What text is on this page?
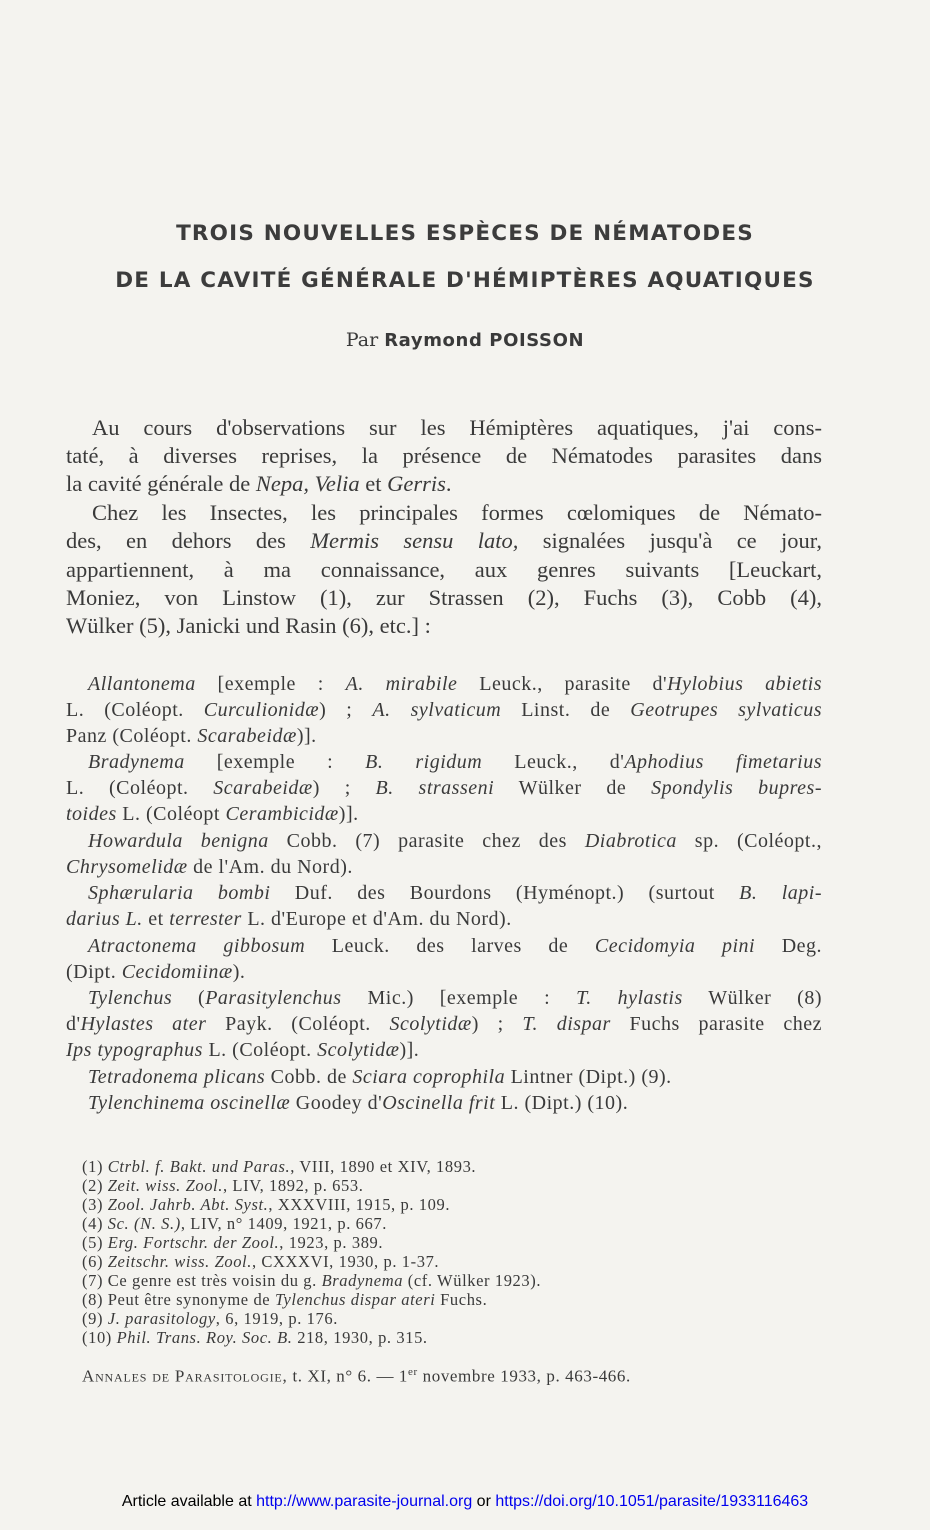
TROIS NOUVELLES ESPÈCES DE NÉMATODES
DE LA CAVITÉ GÉNÉRALE D'HÉMIPTÈRES AQUATIQUES
Par Raymond POISSON
Au cours d'observations sur les Hémiptères aquatiques, j'ai cons-
taté, à diverses reprises, la présence de Nématodes parasites dans
la cavité générale de Nepa, Velia et Gerris.
Chez les Insectes, les principales formes cœlomiques de Némato-
des, en dehors des Mermis sensu lato, signalées jusqu'à ce jour,
appartiennent, à ma connaissance, aux genres suivants [Leuckart,
Moniez, von Linstow (1), zur Strassen (2), Fuchs (3), Cobb (4),
Wülker (5), Janicki und Rasin (6), etc.] :
Allantonema [exemple : A. mirabile Leuck., parasite d'Hylobius abietis
L. (Coléopt. Curculionidæ) ; A. sylvaticum Linst. de Geotrupes sylvaticus
Panz (Coléopt. Scarabeidæ)].
Bradynema [exemple : B. rigidum Leuck., d'Aphodius fimetarius
L. (Coléopt. Scarabeidæ) ; B. strasseni Wülker de Spondylis bupres-
toides L. (Coléopt Cerambicidæ)].
Howardula benigna Cobb. (7) parasite chez des Diabrotica sp. (Coléopt.,
Chrysomelidæ de l'Am. du Nord).
Sphærularia bombi Duf. des Bourdons (Hyménopt.) (surtout B. lapi-
darius L. et terrester L. d'Europe et d'Am. du Nord).
Atractonema gibbosum Leuck. des larves de Cecidomyia pini Deg.
(Dipt. Cecidomiinæ).
Tylenchus (Parasitylenchus Mic.) [exemple : T. hylastis Wülker (8)
d'Hylastes ater Payk. (Coléopt. Scolytidæ) ; T. dispar Fuchs parasite chez
Ips typographus L. (Coléopt. Scolytidæ)].
Tetradonema plicans Cobb. de Sciara coprophila Lintner (Dipt.) (9).
Tylenchinema oscinellæ Goodey d'Oscinella frit L. (Dipt.) (10).
(1) Ctrbl. f. Bakt. und Paras., VIII, 1890 et XIV, 1893.
(2) Zeit. wiss. Zool., LIV, 1892, p. 653.
(3) Zool. Jahrb. Abt. Syst., XXXVIII, 1915, p. 109.
(4) Sc. (N. S.), LIV, n° 1409, 1921, p. 667.
(5) Erg. Fortschr. der Zool., 1923, p. 389.
(6) Zeitschr. wiss. Zool., CXXXVI, 1930, p. 1-37.
(7) Ce genre est très voisin du g. Bradynema (cf. Wülker 1923).
(8) Peut être synonyme de Tylenchus dispar ateri Fuchs.
(9) J. parasitology, 6, 1919, p. 176.
(10) Phil. Trans. Roy. Soc. B. 218, 1930, p. 315.
Annales de Parasitologie, t. XI, n° 6. — 1er novembre 1933, p. 463-466.
Article available at http://www.parasite-journal.org or https://doi.org/10.1051/parasite/1933116463
